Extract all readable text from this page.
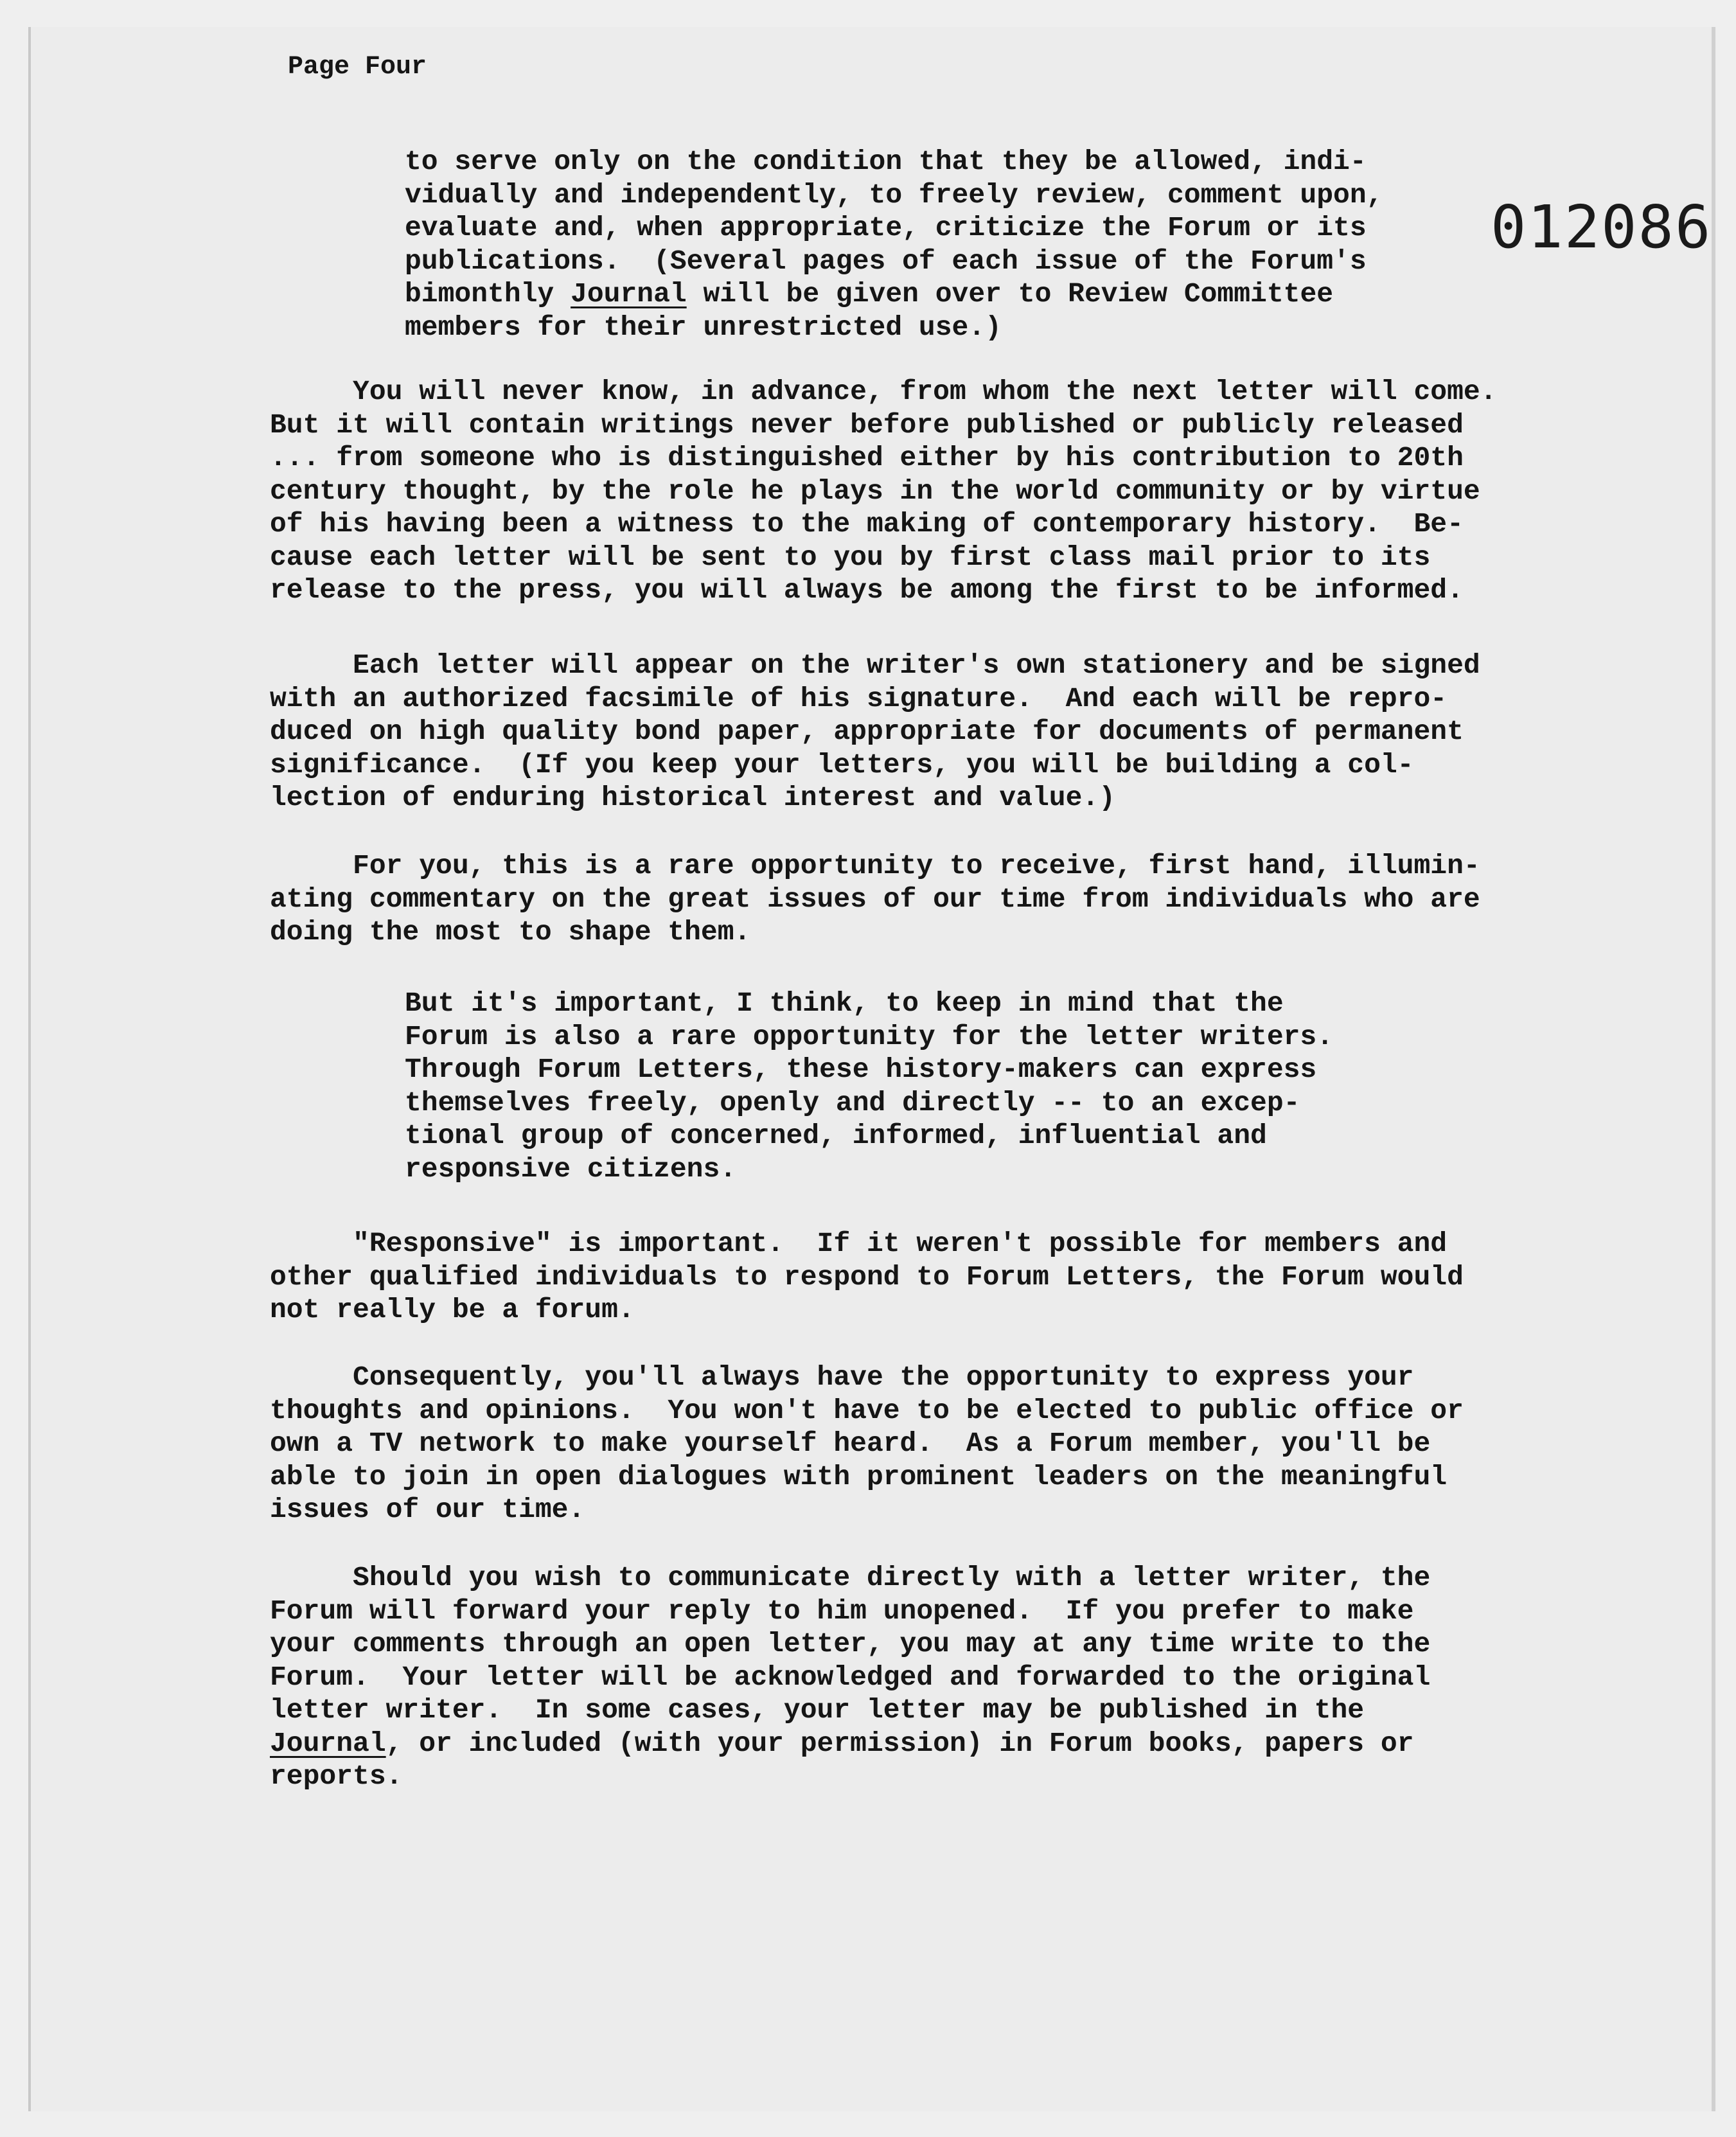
Page Four
012086

to serve only on the condition that they be allowed, indi-
vidually and independently, to freely review, comment upon,
evaluate and, when appropriate, criticize the Forum or its
publications.  (Several pages of each issue of the Forum's
bimonthly Journal will be given over to Review Committee
members for their unrestricted use.)

You will never know, in advance, from whom the next letter will come.
But it will contain writings never before published or publicly released
... from someone who is distinguished either by his contribution to 20th
century thought, by the role he plays in the world community or by virtue
of his having been a witness to the making of contemporary history.  Be-
cause each letter will be sent to you by first class mail prior to its
release to the press, you will always be among the first to be informed.

Each letter will appear on the writer's own stationery and be signed
with an authorized facsimile of his signature.  And each will be repro-
duced on high quality bond paper, appropriate for documents of permanent
significance.  (If you keep your letters, you will be building a col-
lection of enduring historical interest and value.)

For you, this is a rare opportunity to receive, first hand, illumin-
ating commentary on the great issues of our time from individuals who are
doing the most to shape them.

But it's important, I think, to keep in mind that the
Forum is also a rare opportunity for the letter writers.
Through Forum Letters, these history-makers can express
themselves freely, openly and directly -- to an excep-
tional group of concerned, informed, influential and
responsive citizens.

"Responsive" is important.  If it weren't possible for members and
other qualified individuals to respond to Forum Letters, the Forum would
not really be a forum.

Consequently, you'll always have the opportunity to express your
thoughts and opinions.  You won't have to be elected to public office or
own a TV network to make yourself heard.  As a Forum member, you'll be
able to join in open dialogues with prominent leaders on the meaningful
issues of our time.

Should you wish to communicate directly with a letter writer, the
Forum will forward your reply to him unopened.  If you prefer to make
your comments through an open letter, you may at any time write to the
Forum.  Your letter will be acknowledged and forwarded to the original
letter writer.  In some cases, your letter may be published in the
Journal, or included (with your permission) in Forum books, papers or
reports.
